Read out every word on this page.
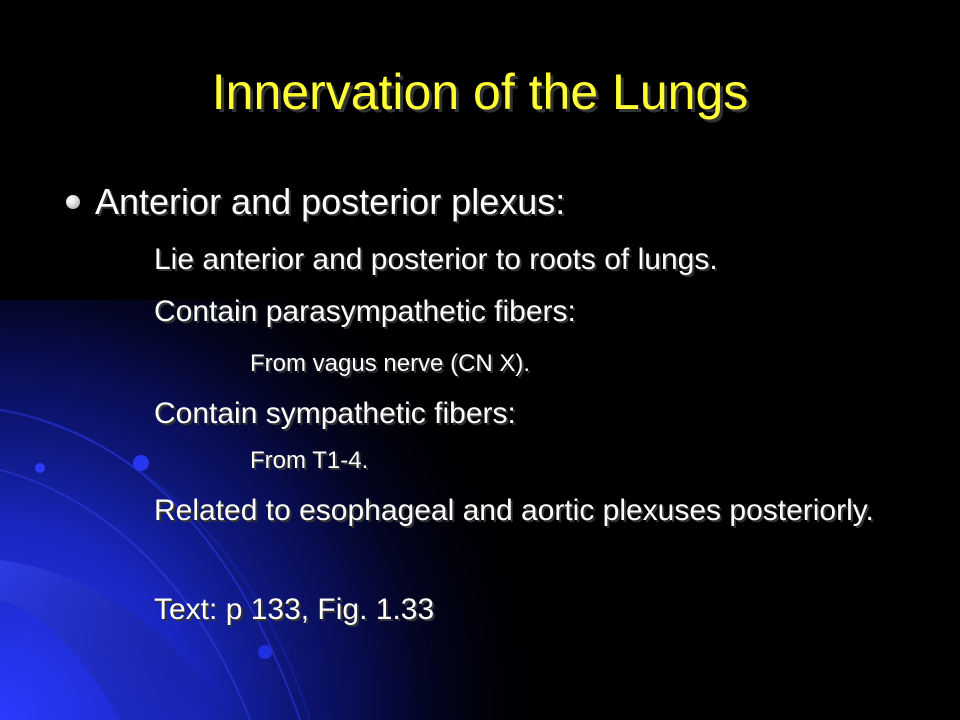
Innervation of the Lungs
Anterior and posterior plexus:
Lie anterior and posterior to roots of lungs.
Contain parasympathetic fibers:
From vagus nerve (CN X).
Contain sympathetic fibers:
From T1-4.
Related to esophageal and aortic plexuses posteriorly.
Text: p 133, Fig. 1.33
